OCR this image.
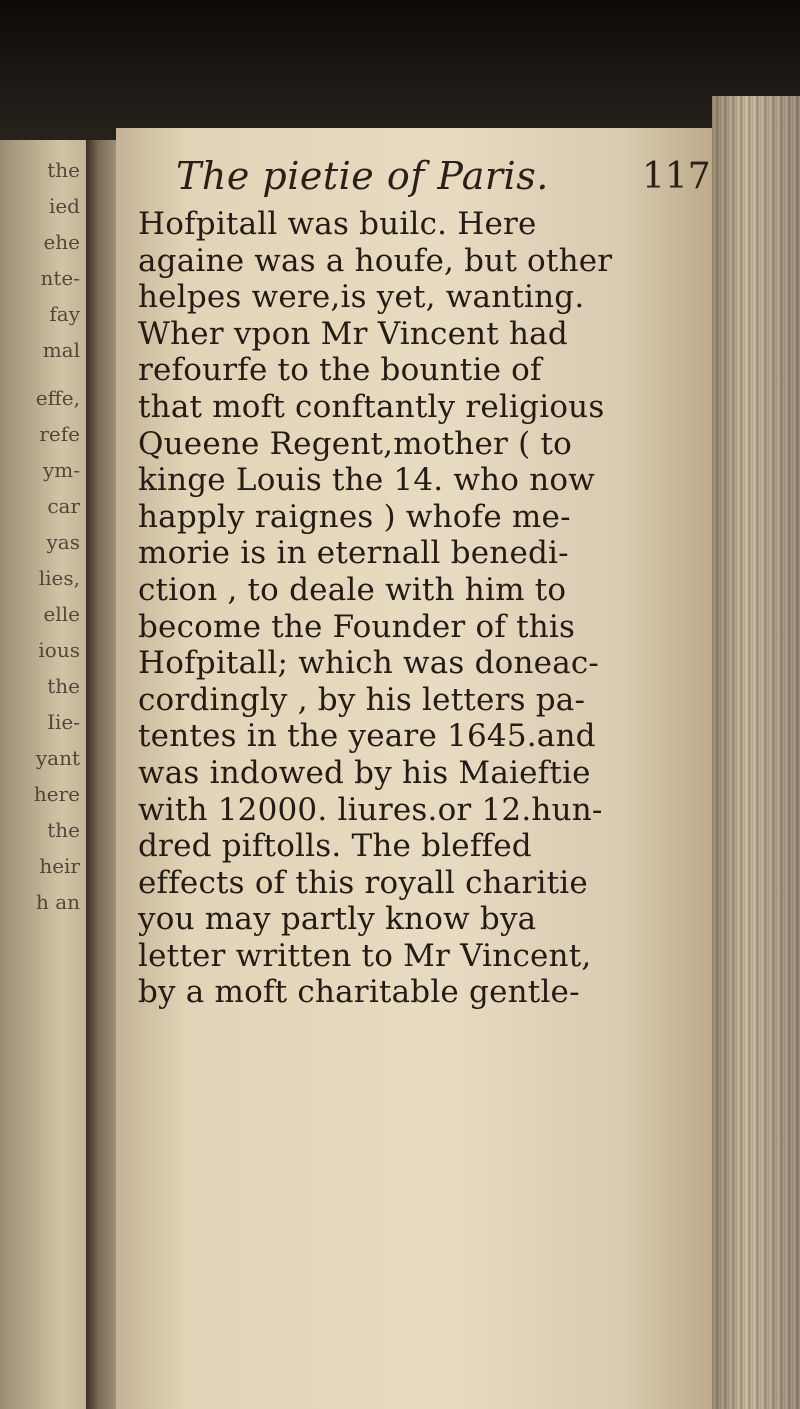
the
ied
ehe
nte-
fay
mal
effe,
refe
ym-
car
yas
lies,
elle
ious
the
Iie-
yant
here
the
heir
h an
The pietie of Paris.	117
Hofpitall was builc. Here
againe was a houfe, but other
helpes were,is yet, wanting.
Wher vpon Mr Vincent had
refourfe to the bountie of
that moft conftantly religious
Queene Regent,mother ( to
kinge Louis the 14. who now
happly raignes ) whofe me-
morie is in eternall benedi-
ction , to deale with him to
become the Founder of this
Hofpitall; which was doneac-
cordingly , by his letters pa-
tentes in the yeare 1645.and
was indowed by his Maieftie
with 12000. liures.or 12.hun-
dred piftolls. The bleffed
effects of this royall charitie
you may partly know bya
letter written to Mr Vincent,
by a moft charitable gentle-
